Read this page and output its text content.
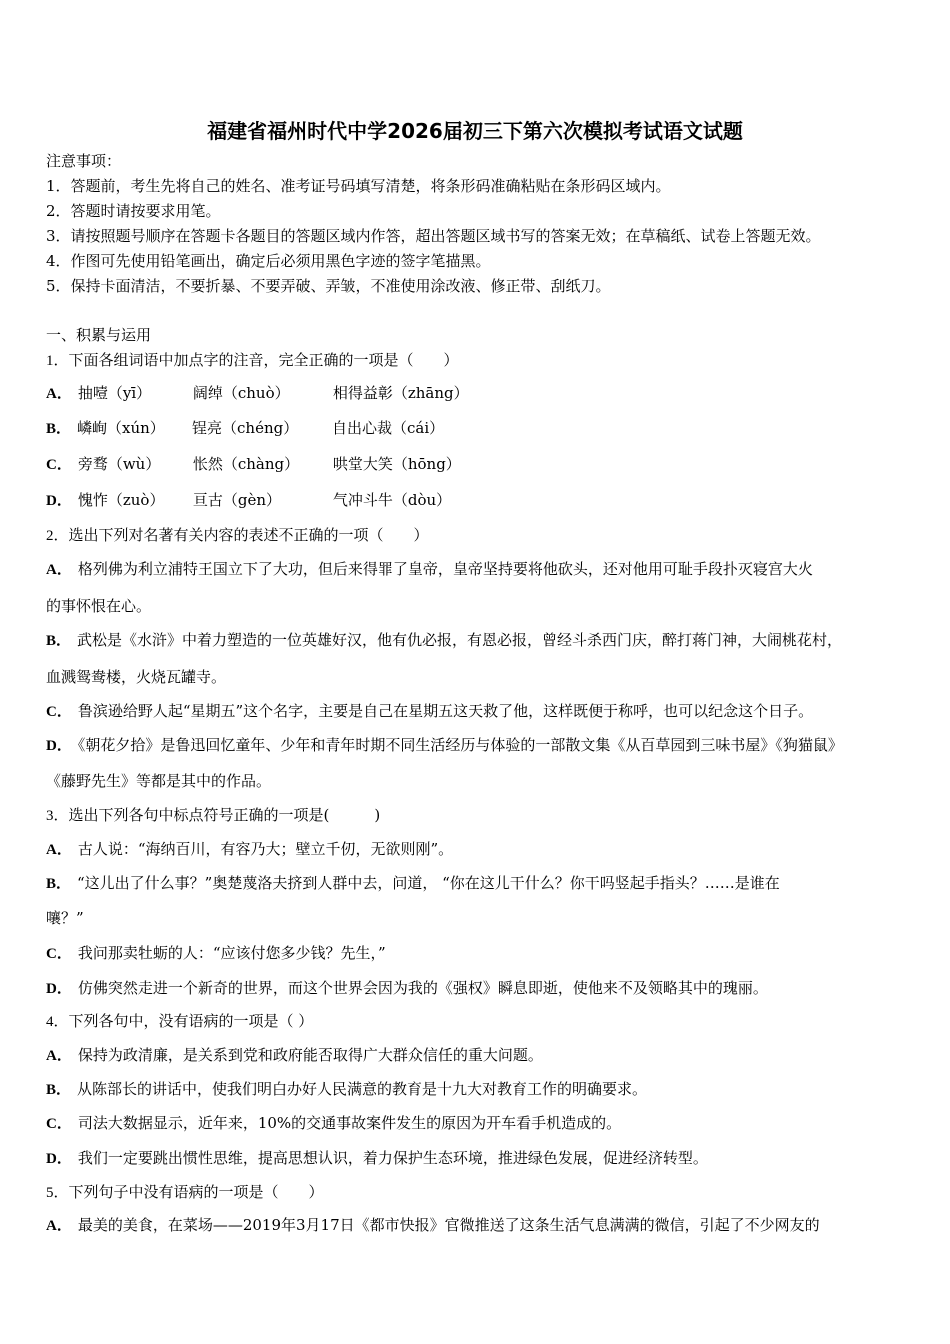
福建省福州时代中学2026届初三下第六次模拟考试语文试题
注意事项：
1．答题前，考生先将自己的姓名、准考证号码填写清楚，将条形码准确粘贴在条形码区域内。
2．答题时请按要求用笔。
3．请按照题号顺序在答题卡各题目的答题区域内作答，超出答题区域书写的答案无效；在草稿纸、试卷上答题无效。
4．作图可先使用铅笔画出，确定后必须用黑色字迹的签字笔描黑。
5．保持卡面清洁，不要折暴、不要弄破、弄皱，不准使用涂改液、修正带、刮纸刀。
一、积累与运用
1．下面各组词语中加点字的注音，完全正确的一项是（　　）
A． 抽噎（yī）	阔绰（chuò）	相得益彰（zhāng）
B． 嶙峋（xún） 锃亮（chéng） 自出心裁（cái）
C． 旁骛（wù） 怅然（chàng） 哄堂大笑（hōng）
D． 愧怍（zuò） 亘古（gèn）	气冲斗牛（dòu）
2．选出下列对名著有关内容的表述不正确的一项（　　）
A． 格列佛为利立浦特王国立下了大功，但后来得罪了皇帝，皇帝坚持要将他砍头，还对他用可耻手段扑灭寝宫大火
的事怀恨在心。
B． 武松是《水浒》中着力塑造的一位英雄好汉，他有仇必报，有恩必报，曾经斗杀西门庆，醉打蒋门神，大闹桃花村，
血溅鸳鸯楼，火烧瓦罐寺。
C． 鲁滨逊给野人起“星期五”这个名字，主要是自己在星期五这天救了他，这样既便于称呼，也可以纪念这个日子。
D． 《朝花夕拾》是鲁迅回忆童年、少年和青年时期不同生活经历与体验的一部散文集《从百草园到三味书屋》《狗猫鼠》
《藤野先生》等都是其中的作品。
3．选出下列各句中标点符号正确的一项是(　　　)
A． 古人说：“海纳百川，有容乃大；壁立千仞，无欲则刚”。
B． “这儿出了什么事？”奥楚蔑洛夫挤到人群中去，问道， “你在这儿干什么？你干吗竖起手指头？……是谁在
嚷？”
C． 我问那卖牡蛎的人：“应该付您多少钱？先生，”
D． 仿佛突然走进一个新奇的世界，而这个世界会因为我的《强权》瞬息即逝，使他来不及领略其中的瑰丽。
4．下列各句中，没有语病的一项是（ ）
A． 保持为政清廉，是关系到党和政府能否取得广大群众信任的重大问题。
B． 从陈部长的讲话中，使我们明白办好人民满意的教育是十九大对教育工作的明确要求。
C． 司法大数据显示，近年来，10%的交通事故案件发生的原因为开车看手机造成的。
D． 我们一定要跳出惯性思维，提高思想认识，着力保护生态环境，推进绿色发展，促进经济转型。
5．下列句子中没有语病的一项是（　　）
A． 最美的美食，在菜场——2019年3月17日《都市快报》官微推送了这条生活气息满满的微信，引起了不少网友的
